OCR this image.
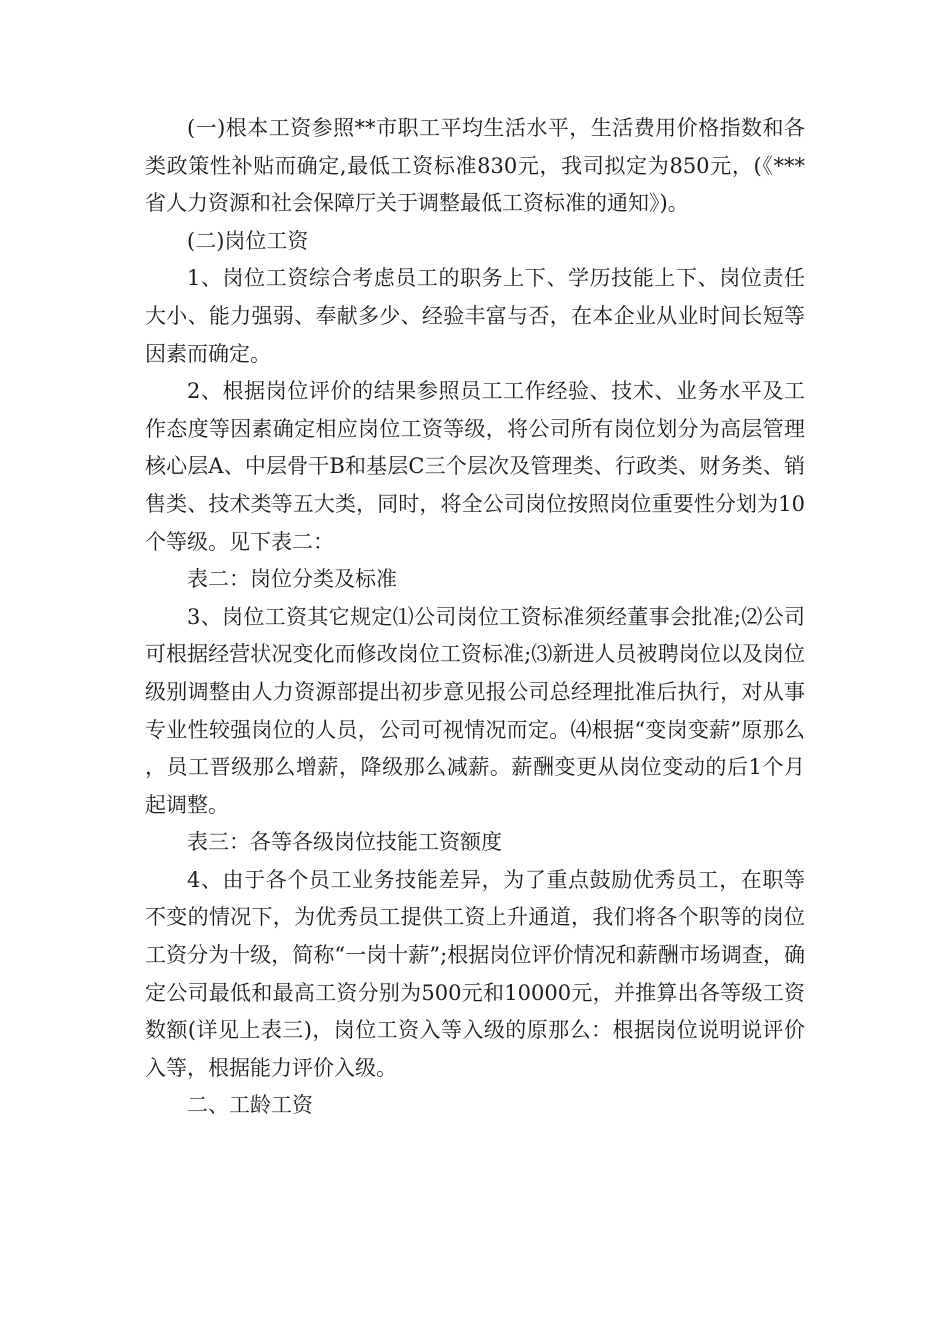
(一)根本工资参照**市职工平均生活水平，生活费用价格指数和各类政策性补贴而确定,最低工资标准830元，我司拟定为850元，(《***省人力资源和社会保障厅关于调整最低工资标准的通知》)。

(二)岗位工资

1、岗位工资综合考虑员工的职务上下、学历技能上下、岗位责任大小、能力强弱、奉献多少、经验丰富与否，在本企业从业时间长短等因素而确定。

2、根据岗位评价的结果参照员工工作经验、技术、业务水平及工作态度等因素确定相应岗位工资等级，将公司所有岗位划分为高层管理核心层A、中层骨干B和基层C三个层次及管理类、行政类、财务类、销售类、技术类等五大类，同时，将全公司岗位按照岗位重要性分划为10个等级。见下表二：

表二：岗位分类及标准

3、岗位工资其它规定⑴公司岗位工资标准须经董事会批准;⑵公司可根据经营状况变化而修改岗位工资标准;⑶新进人员被聘岗位以及岗位级别调整由人力资源部提出初步意见报公司总经理批准后执行，对从事专业性较强岗位的人员，公司可视情况而定。⑷根据“变岗变薪”原那么，员工晋级那么增薪，降级那么减薪。薪酬变更从岗位变动的后1个月起调整。

表三：各等各级岗位技能工资额度

4、由于各个员工业务技能差异，为了重点鼓励优秀员工，在职等不变的情况下，为优秀员工提供工资上升通道，我们将各个职等的岗位工资分为十级，简称“一岗十薪”;根据岗位评价情况和薪酬市场调查，确定公司最低和最高工资分别为500元和10000元，并推算出各等级工资数额(详见上表三)，岗位工资入等入级的原那么：根据岗位说明说评价入等，根据能力评价入级。

二、工龄工资
